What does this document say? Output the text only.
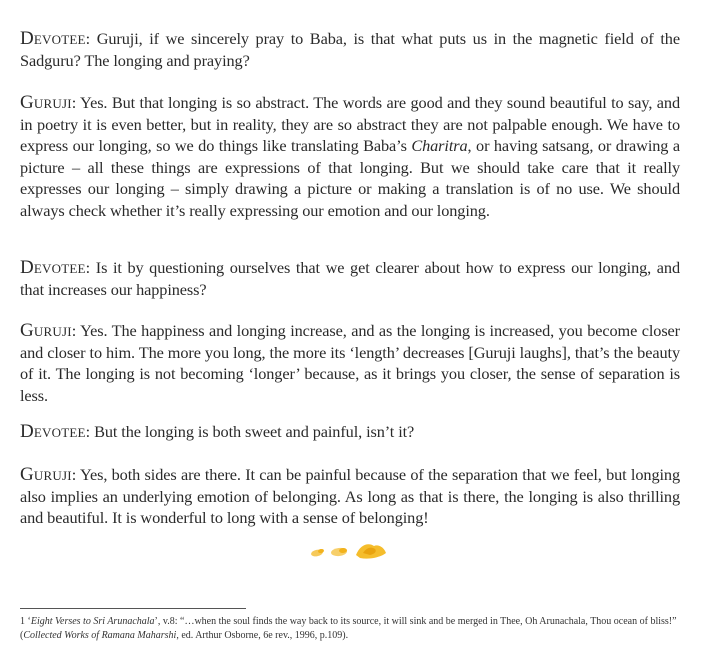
Devotee: Guruji, if we sincerely pray to Baba, is that what puts us in the magnetic field of the Sadguru? The longing and praying?

Guruji: Yes. But that longing is so abstract. The words are good and they sound beautiful to say, and in poetry it is even better, but in reality, they are so abstract they are not palpable enough. We have to express our longing, so we do things like translating Baba’s Charitra, or having satsang, or drawing a picture – all these things are expressions of that longing. But we should take care that it really expresses our longing – simply drawing a picture or making a translation is of no use. We should always check whether it’s really expressing our emotion and our longing.

Devotee: Is it by questioning ourselves that we get clearer about how to express our longing, and that increases our happiness?

Guruji: Yes. The happiness and longing increase, and as the longing is increased, you become closer and closer to him. The more you long, the more its ‘length’ decreases [Guruji laughs], that’s the beauty of it. The longing is not becoming ‘longer’ because, as it brings you closer, the sense of separation is less.

Devotee: But the longing is both sweet and painful, isn’t it?

Guruji: Yes, both sides are there. It can be painful because of the separation that we feel, but longing also implies an underlying emotion of belonging. As long as that is there, the longing is also thrilling and beautiful. It is wonderful to long with a sense of belonging!

1 ‘Eight Verses to Sri Arunachala’, v.8: “…when the soul finds the way back to its source, it will sink and be merged in Thee, Oh Arunachala, Thou ocean of bliss!” (Collected Works of Ramana Maharshi, ed. Arthur Osborne, 6e rev., 1996, p.109).
